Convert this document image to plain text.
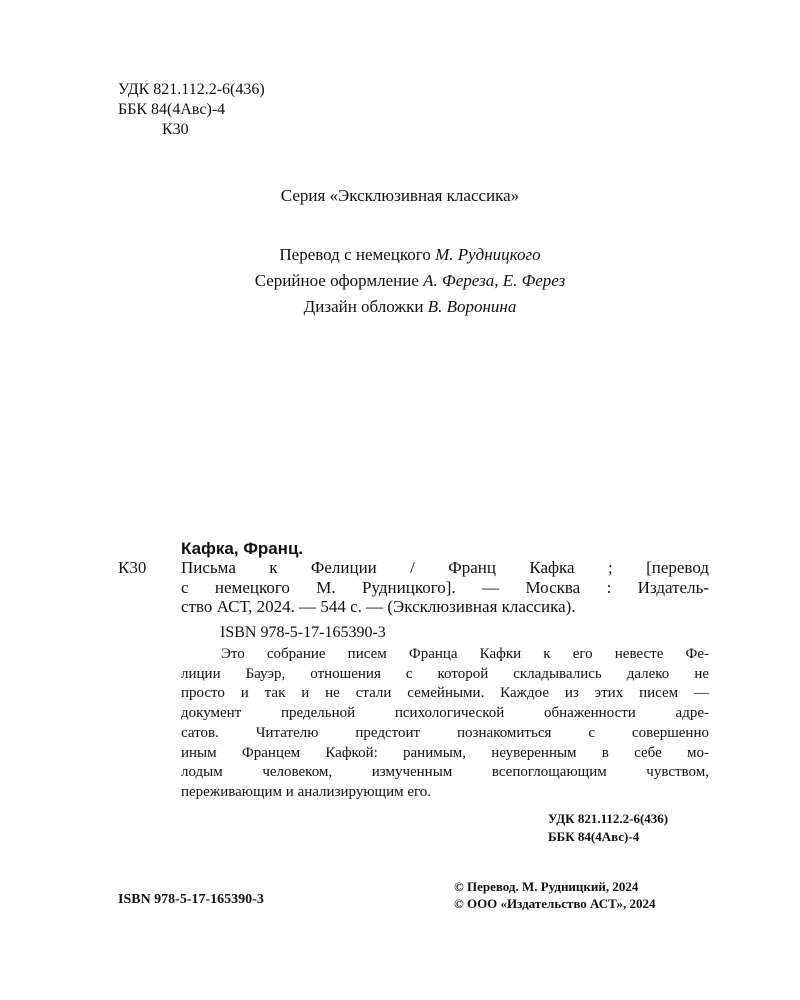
УДК 821.112.2-6(436)
ББК 84(4Авс)-4
К30
Серия «Эксклюзивная классика»
Перевод с немецкого М. Рудницкого
Серийное оформление А. Фереза, Е. Ферез
Дизайн обложки В. Воронина
Кафка, Франц.
К30 Письма к Фелиции / Франц Кафка ; [перевод
с немецкого М. Рудницкого]. — Москва : Издатель-
ство АСТ, 2024. — 544 с. — (Эксклюзивная классика).
ISBN 978-5-17-165390-3
Это собрание писем Франца Кафки к его невесте Фе-
лиции Бауэр, отношения с которой складывались далеко не
просто и так и не стали семейными. Каждое из этих писем —
документ предельной психологической обнаженности адре-
сатов. Читателю предстоит познакомиться с совершенно
иным Францем Кафкой: ранимым, неуверенным в себе мо-
лодым человеком, измученным всепоглощающим чувством,
переживающим и анализирующим его.
УДК 821.112.2-6(436)
ББК 84(4Авс)-4
ISBN 978-5-17-165390-3
© Перевод. М. Рудницкий, 2024
© ООО «Издательство АСТ», 2024
